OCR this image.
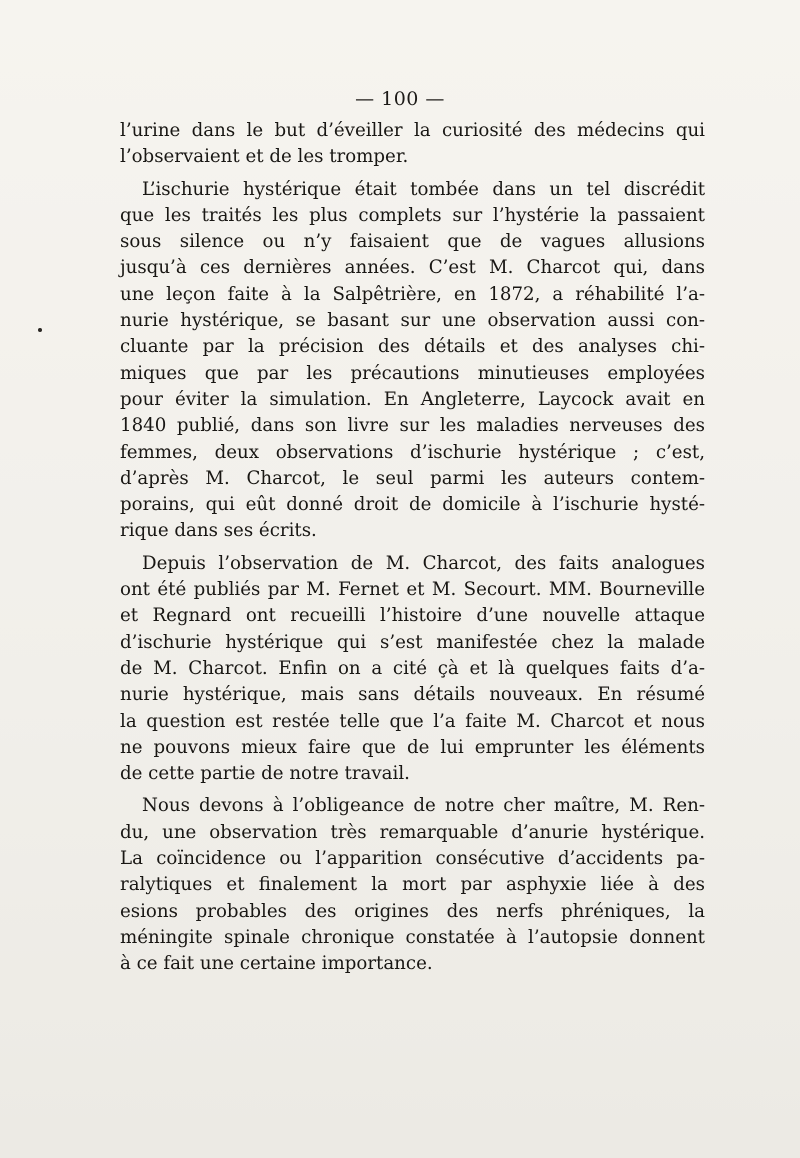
— 100 —
l’urine dans le but d’éveiller la curiosité des médecins qui
l’observaient et de les tromper.
L’ischurie hystérique était tombée dans un tel discrédit
que les traités les plus complets sur l’hystérie la passaient
sous silence ou n’y faisaient que de vagues allusions
jusqu’à ces dernières années. C’est M. Charcot qui, dans
une leçon faite à la Salpêtrière, en 1872, a réhabilité l’a-
nurie hystérique, se basant sur une observation aussi con-
cluante par la précision des détails et des analyses chi-
miques que par les précautions minutieuses employées
pour éviter la simulation. En Angleterre, Laycock avait en
1840 publié, dans son livre sur les maladies nerveuses des
femmes, deux observations d’ischurie hystérique ; c’est,
d’après M. Charcot, le seul parmi les auteurs contem-
porains, qui eût donné droit de domicile à l’ischurie hysté-
rique dans ses écrits.
Depuis l’observation de M. Charcot, des faits analogues
ont été publiés par M. Fernet et M. Secourt. MM. Bourneville
et Regnard ont recueilli l’histoire d’une nouvelle attaque
d’ischurie hystérique qui s’est manifestée chez la malade
de M. Charcot. Enfin on a cité çà et là quelques faits d’a-
nurie hystérique, mais sans détails nouveaux. En résumé
la question est restée telle que l’a faite M. Charcot et nous
ne pouvons mieux faire que de lui emprunter les éléments
de cette partie de notre travail.
Nous devons à l’obligeance de notre cher maître, M. Ren-
du, une observation très remarquable d’anurie hystérique.
La coïncidence ou l’apparition consécutive d’accidents pa-
ralytiques et finalement la mort par asphyxie liée à des
esions probables des origines des nerfs phréniques, la
méningite spinale chronique constatée à l’autopsie donnent
à ce fait une certaine importance.
